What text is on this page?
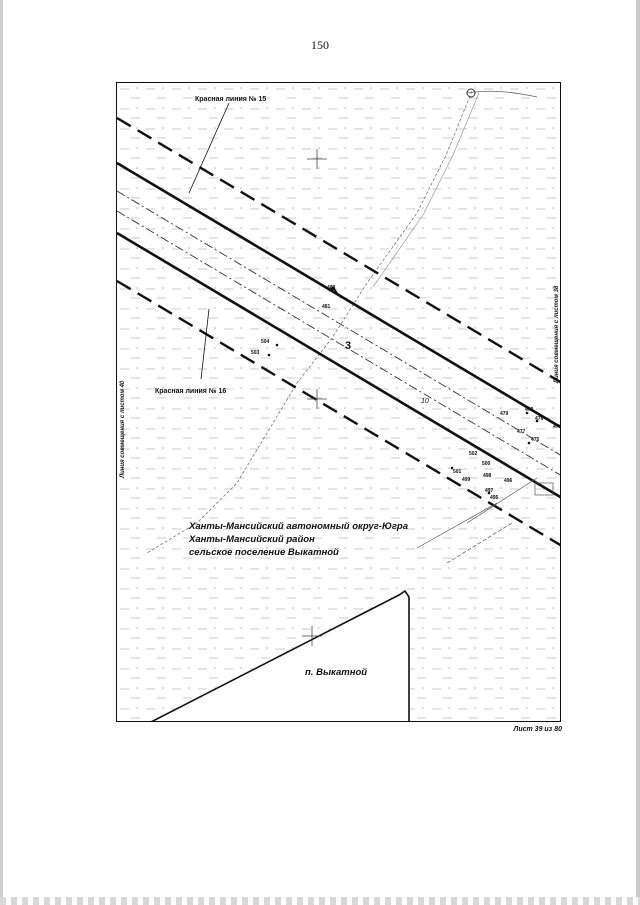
150
Красная линия № 15
Красная линия № 16
3
10
480
481
504
503
479
478
476
477
475
474
502
500
501
499
498
497
496
495
Ханты-Мансийский автономный округ-Югра
Ханты-Мансийский район
сельское поселение Выкатной
п. Выкатной
Линия совмещения с листом 38
Линия совмещения с листом 40
Лист 39 из 80
